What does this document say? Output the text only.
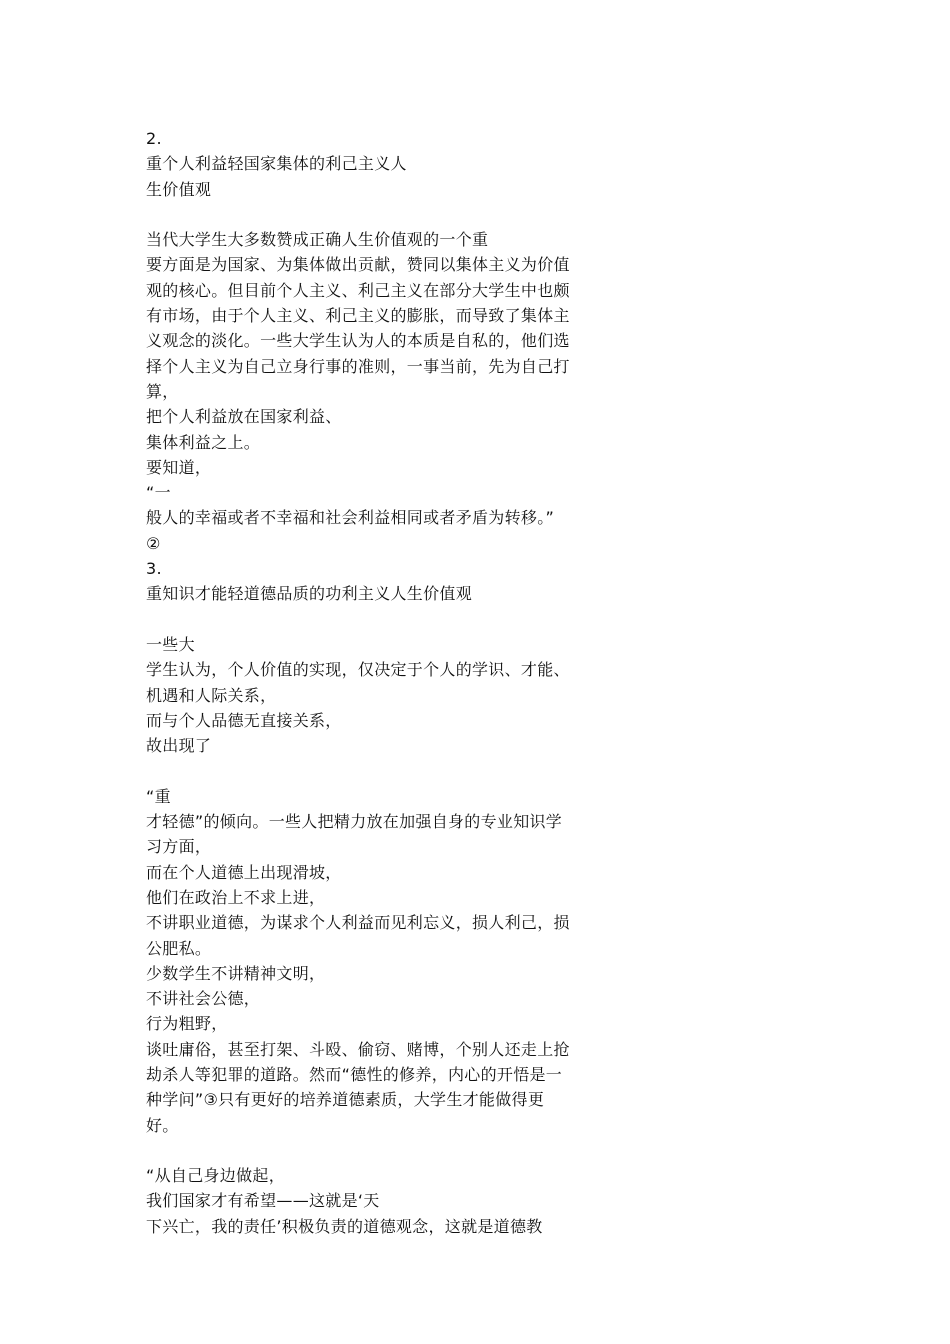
2.
重个人利益轻国家集体的利己主义人
生价值观
当代大学生大多数赞成正确人生价值观的一个重
要方面是为国家、为集体做出贡献，赞同以集体主义为价值
观的核心。但目前个人主义、利己主义在部分大学生中也颇
有市场，由于个人主义、利己主义的膨胀，而导致了集体主
义观念的淡化。一些大学生认为人的本质是自私的，他们选
择个人主义为自己立身行事的准则，一事当前，先为自己打
算，
把个人利益放在国家利益、
集体利益之上。
要知道，
“一
般人的幸福或者不幸福和社会利益相同或者矛盾为转移。”
②
3.
重知识才能轻道德品质的功利主义人生价值观
一些大
学生认为，个人价值的实现，仅决定于个人的学识、才能、
机遇和人际关系，
而与个人品德无直接关系，
故出现了
“重
才轻德”的倾向。一些人把精力放在加强自身的专业知识学
习方面，
而在个人道德上出现滑坡，
他们在政治上不求上进，
不讲职业道德，为谋求个人利益而见利忘义，损人利己，损
公肥私。
少数学生不讲精神文明，
不讲社会公德，
行为粗野，
谈吐庸俗，甚至打架、斗殴、偷窃、赌博，个别人还走上抢
劫杀人等犯罪的道路。然而“德性的修养，内心的开悟是一
种学问”③只有更好的培养道德素质，大学生才能做得更
好。
“从自己身边做起，
我们国家才有希望——这就是‘天
下兴亡，我的责任’积极负责的道德观念，这就是道德教
